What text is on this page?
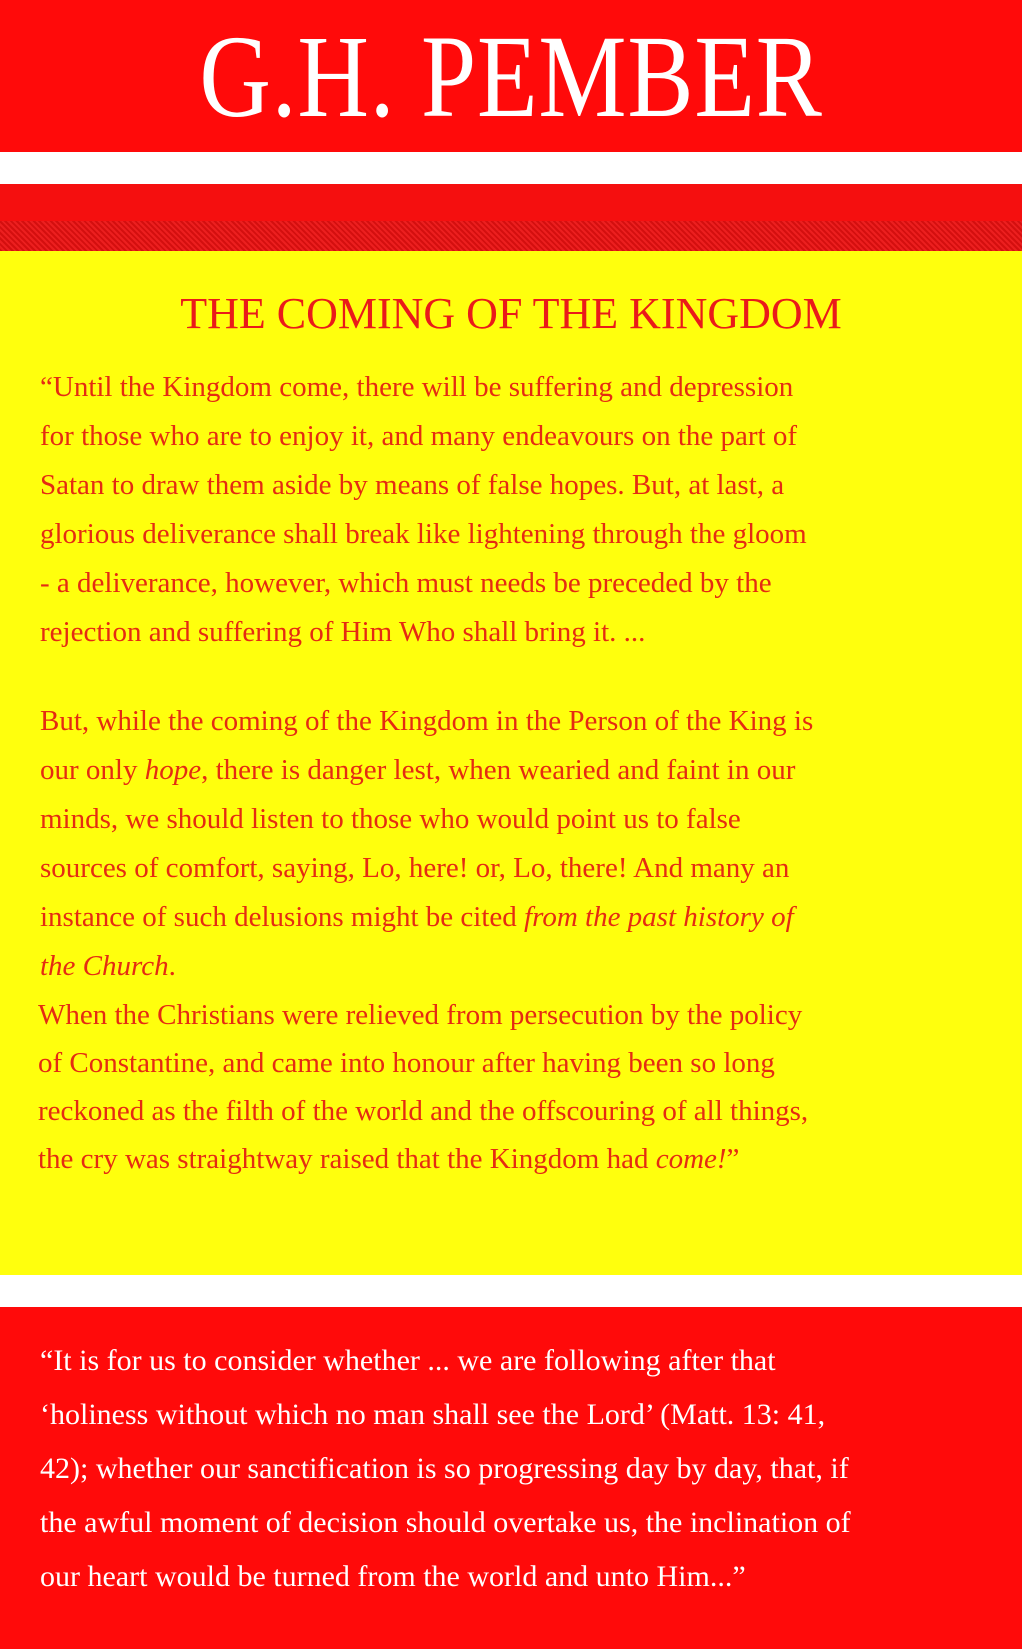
G.H. PEMBER
THE COMING OF THE KINGDOM
“Until the Kingdom come, there will be suffering and depression
for those who are to enjoy it, and many endeavours on the part of
Satan to draw them aside by means of false hopes. But, at last, a
glorious deliverance shall break like lightening through the gloom
- a deliverance, however, which must needs be preceded by the
rejection and suffering of Him Who shall bring it. ...
But, while the coming of the Kingdom in the Person of the King is
our only hope, there is danger lest, when wearied and faint in our
minds, we should listen to those who would point us to false
sources of comfort, saying, Lo, here! or, Lo, there! And many an
instance of such delusions might be cited from the past history of
the Church.
When the Christians were relieved from persecution by the policy
of Constantine, and came into honour after having been so long
reckoned as the filth of the world and the offscouring of all things,
the cry was straightway raised that the Kingdom had come!”
“It is for us to consider whether ... we are following after that
‘holiness without which no man shall see the Lord’ (Matt. 13: 41,
42); whether our sanctification is so progressing day by day, that, if
the awful moment of decision should overtake us, the inclination of
our heart would be turned from the world and unto Him...”
